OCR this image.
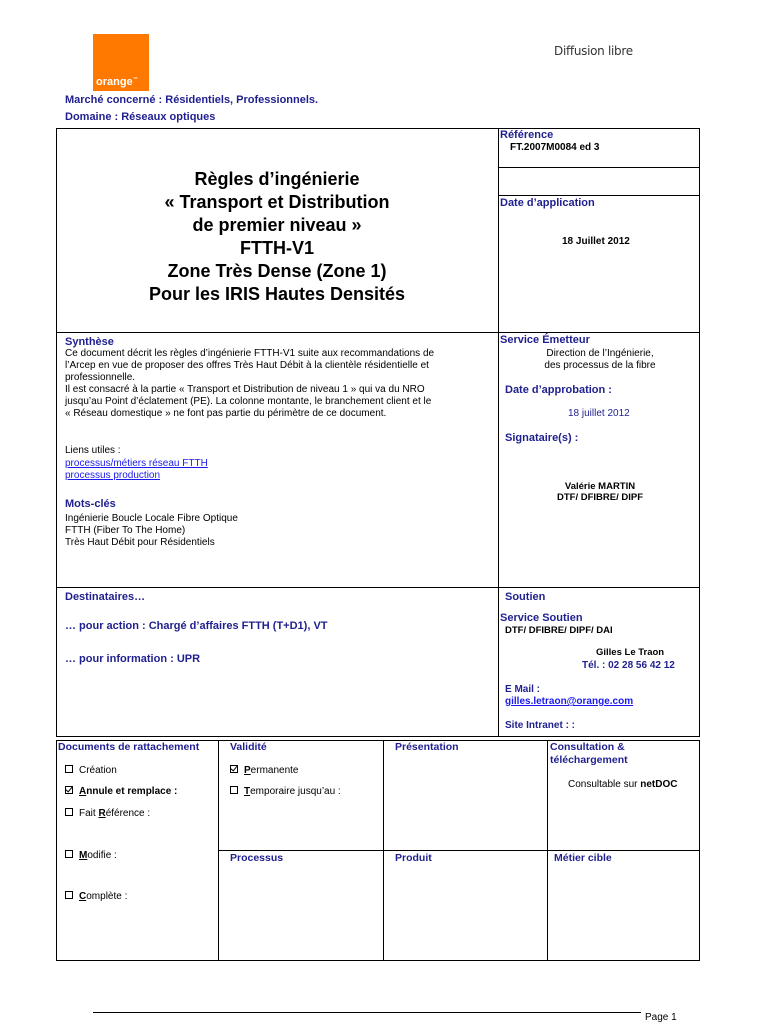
orange™
Diffusion libre
Marché concerné : Résidentiels, Professionnels.
Domaine : Réseaux optiques
Règles d’ingénierie
« Transport et Distribution
de premier niveau »
FTTH-V1
Zone Très Dense (Zone 1)
Pour les IRIS Hautes Densités
Référence
FT.2007M0084 ed 3
Date d’application
18 Juillet 2012
Synthèse
Ce document décrit les règles d’ingénierie FTTH-V1 suite aux recommandations de
l’Arcep en vue de proposer des offres Très Haut Débit à la clientèle résidentielle et
professionnelle.
Il est consacré à la partie « Transport et Distribution de niveau 1 » qui va du NRO
jusqu’au Point d’éclatement (PE). La colonne montante, le branchement client et le
« Réseau domestique » ne font pas partie du périmètre de ce document.
Liens utiles :
processus/métiers réseau FTTH
processus production
Mots-clés
Ingénierie Boucle Locale Fibre Optique
FTTH (Fiber To The Home)
Très Haut Débit pour Résidentiels
Service Émetteur
Direction de l’Ingénierie,
des processus de la fibre
Date d’approbation :
18 juillet 2012
Signataire(s) :
Valérie MARTIN
DTF/ DFIBRE/ DIPF
Destinataires…
… pour action : Chargé d’affaires FTTH (T+D1), VT
… pour information : UPR
Soutien
Service Soutien
DTF/ DFIBRE/ DIPF/ DAI
Gilles Le Traon
Tél. : 02 28 56 42 12
E Mail :
gilles.letraon@orange.com
Site Intranet : :
Documents de rattachement
Création
Annule et remplace :
Fait Référence :
Modifie :
Complète :
Validité
Permanente
Temporaire jusqu’au :
Présentation	Consultation &
téléchargement
Consultable sur netDOC
Processus	Produit	Métier cible
Page 1
